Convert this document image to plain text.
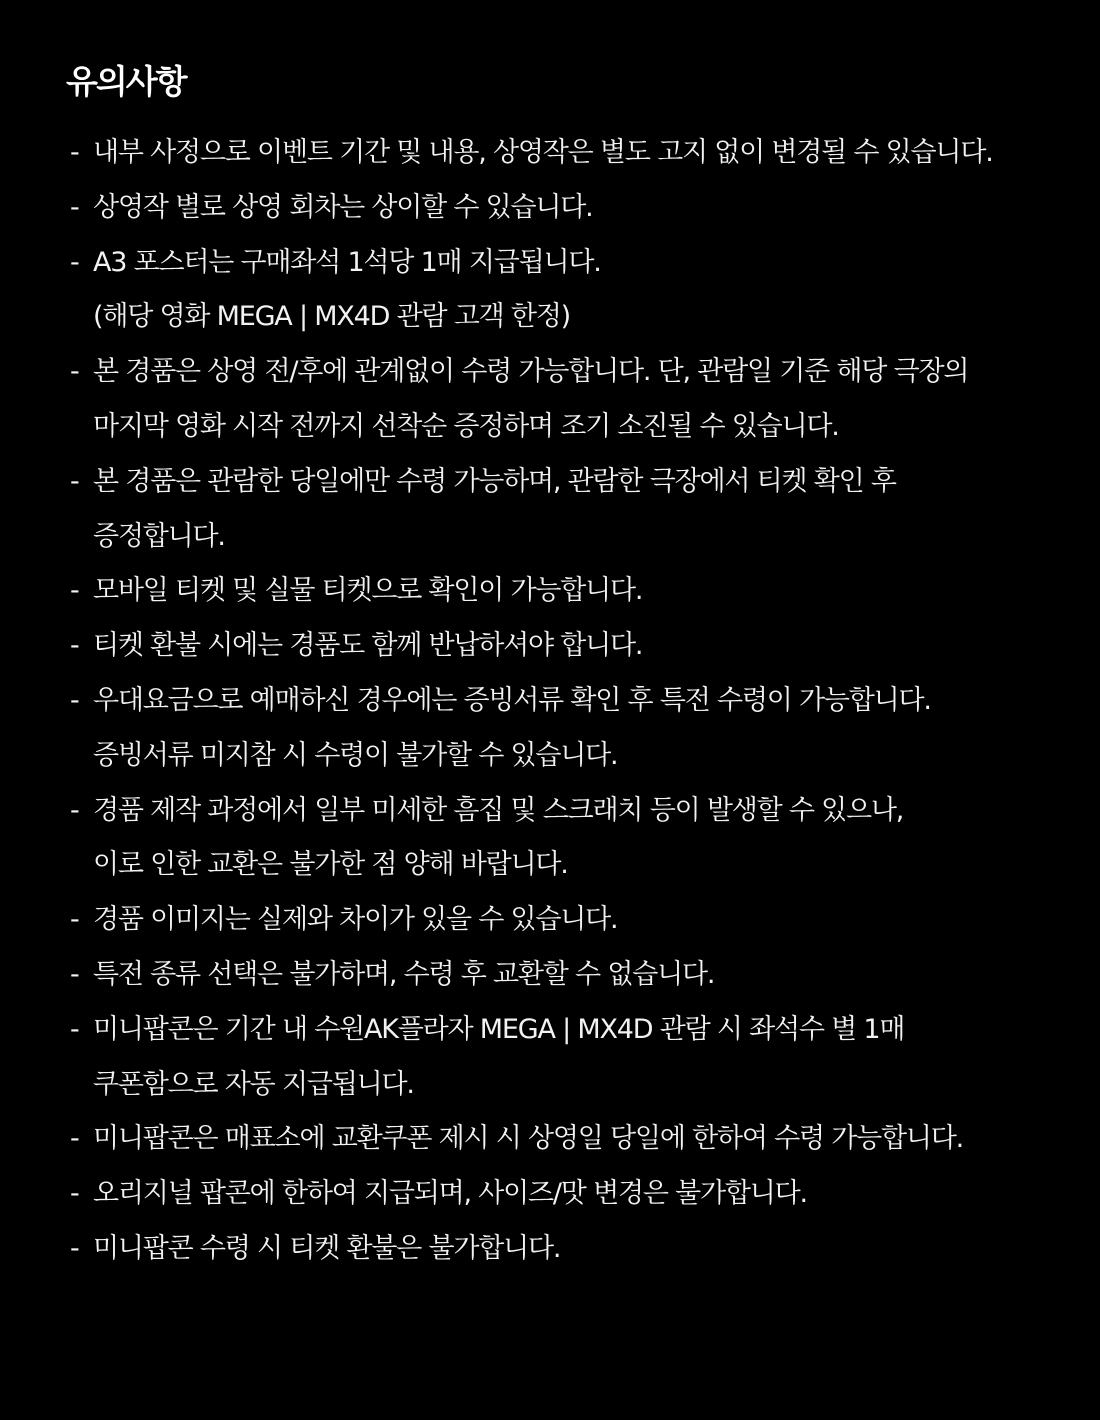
유의사항
- 내부 사정으로 이벤트 기간 및 내용, 상영작은 별도 고지 없이 변경될 수 있습니다.
- 상영작 별로 상영 회차는 상이할 수 있습니다.
- A3 포스터는 구매좌석 1석당 1매 지급됩니다.
(해당 영화 MEGA | MX4D 관람 고객 한정)
- 본 경품은 상영 전/후에 관계없이 수령 가능합니다. 단, 관람일 기준 해당 극장의
마지막 영화 시작 전까지 선착순 증정하며 조기 소진될 수 있습니다.
- 본 경품은 관람한 당일에만 수령 가능하며, 관람한 극장에서 티켓 확인 후
증정합니다.
- 모바일 티켓 및 실물 티켓으로 확인이 가능합니다.
- 티켓 환불 시에는 경품도 함께 반납하셔야 합니다.
- 우대요금으로 예매하신 경우에는 증빙서류 확인 후 특전 수령이 가능합니다.
증빙서류 미지참 시 수령이 불가할 수 있습니다.
- 경품 제작 과정에서 일부 미세한 흠집 및 스크래치 등이 발생할 수 있으나,
이로 인한 교환은 불가한 점 양해 바랍니다.
- 경품 이미지는 실제와 차이가 있을 수 있습니다.
- 특전 종류 선택은 불가하며, 수령 후 교환할 수 없습니다.
- 미니팝콘은 기간 내 수원AK플라자 MEGA | MX4D 관람 시 좌석수 별 1매
쿠폰함으로 자동 지급됩니다.
- 미니팝콘은 매표소에 교환쿠폰 제시 시 상영일 당일에 한하여 수령 가능합니다.
- 오리지널 팝콘에 한하여 지급되며, 사이즈/맛 변경은 불가합니다.
- 미니팝콘 수령 시 티켓 환불은 불가합니다.
